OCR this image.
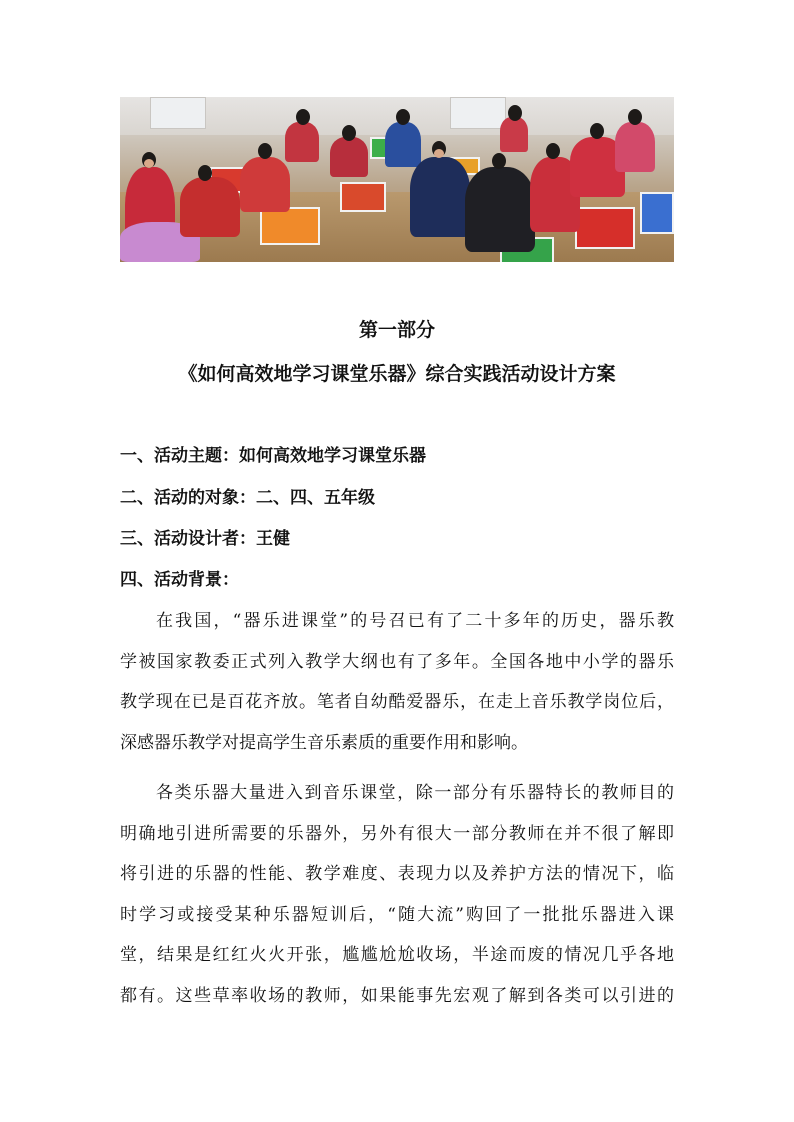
第一部分
《如何高效地学习课堂乐器》综合实践活动设计方案
一、活动主题：如何高效地学习课堂乐器
二、活动的对象：二、四、五年级
三、活动设计者：王健
四、活动背景：
在我国，“器乐进课堂”的号召已有了二十多年的历史，器乐教
学被国家教委正式列入教学大纲也有了多年。全国各地中小学的器乐
教学现在已是百花齐放。笔者自幼酷爱器乐，在走上音乐教学岗位后，
深感器乐教学对提高学生音乐素质的重要作用和影响。
各类乐器大量进入到音乐课堂，除一部分有乐器特长的教师目的
明确地引进所需要的乐器外，另外有很大一部分教师在并不很了解即
将引进的乐器的性能、教学难度、表现力以及养护方法的情况下，临
时学习或接受某种乐器短训后，“随大流”购回了一批批乐器进入课
堂，结果是红红火火开张，尴尴尬尬收场，半途而废的情况几乎各地
都有。这些草率收场的教师，如果能事先宏观了解到各类可以引进的
